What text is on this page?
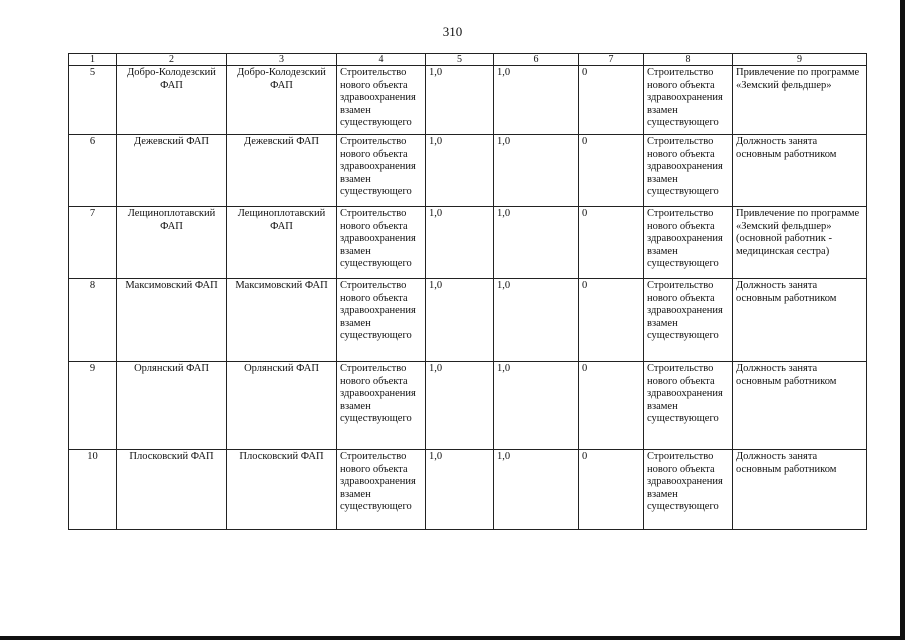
310
1	2	3	4	5	6	7	8	9
5	Добро-Колодезский ФАП	Добро-Колодезский ФАП	Строительство нового объекта здравоохранения взамен существующего	1,0	1,0	0	Строительство нового объекта здравоохранения взамен существующего	Привлечение по программе «Земский фельдшер»
6	Дежевский ФАП	Дежевский ФАП	Строительство нового объекта здравоохранения взамен существующего	1,0	1,0	0	Строительство нового объекта здравоохранения взамен существующего	Должность занята основным работником
7	Лещиноплотавский ФАП	Лещиноплотавский ФАП	Строительство нового объекта здравоохранения взамен существующего	1,0	1,0	0	Строительство нового объекта здравоохранения взамен существующего	Привлечение по программе «Земский фельдшер» (основной работник - медицинская сестра)
8	Максимовский ФАП	Максимовский ФАП	Строительство нового объекта здравоохранения взамен существующего	1,0	1,0	0	Строительство нового объекта здравоохранения взамен существующего	Должность занята основным работником
9	Орлянский ФАП	Орлянский ФАП	Строительство нового объекта здравоохранения взамен существующего	1,0	1,0	0	Строительство нового объекта здравоохранения взамен существующего	Должность занята основным работником
10	Плосковский ФАП	Плосковский ФАП	Строительство нового объекта здравоохранения взамен существующего	1,0	1,0	0	Строительство нового объекта здравоохранения взамен существующего	Должность занята основным работником
